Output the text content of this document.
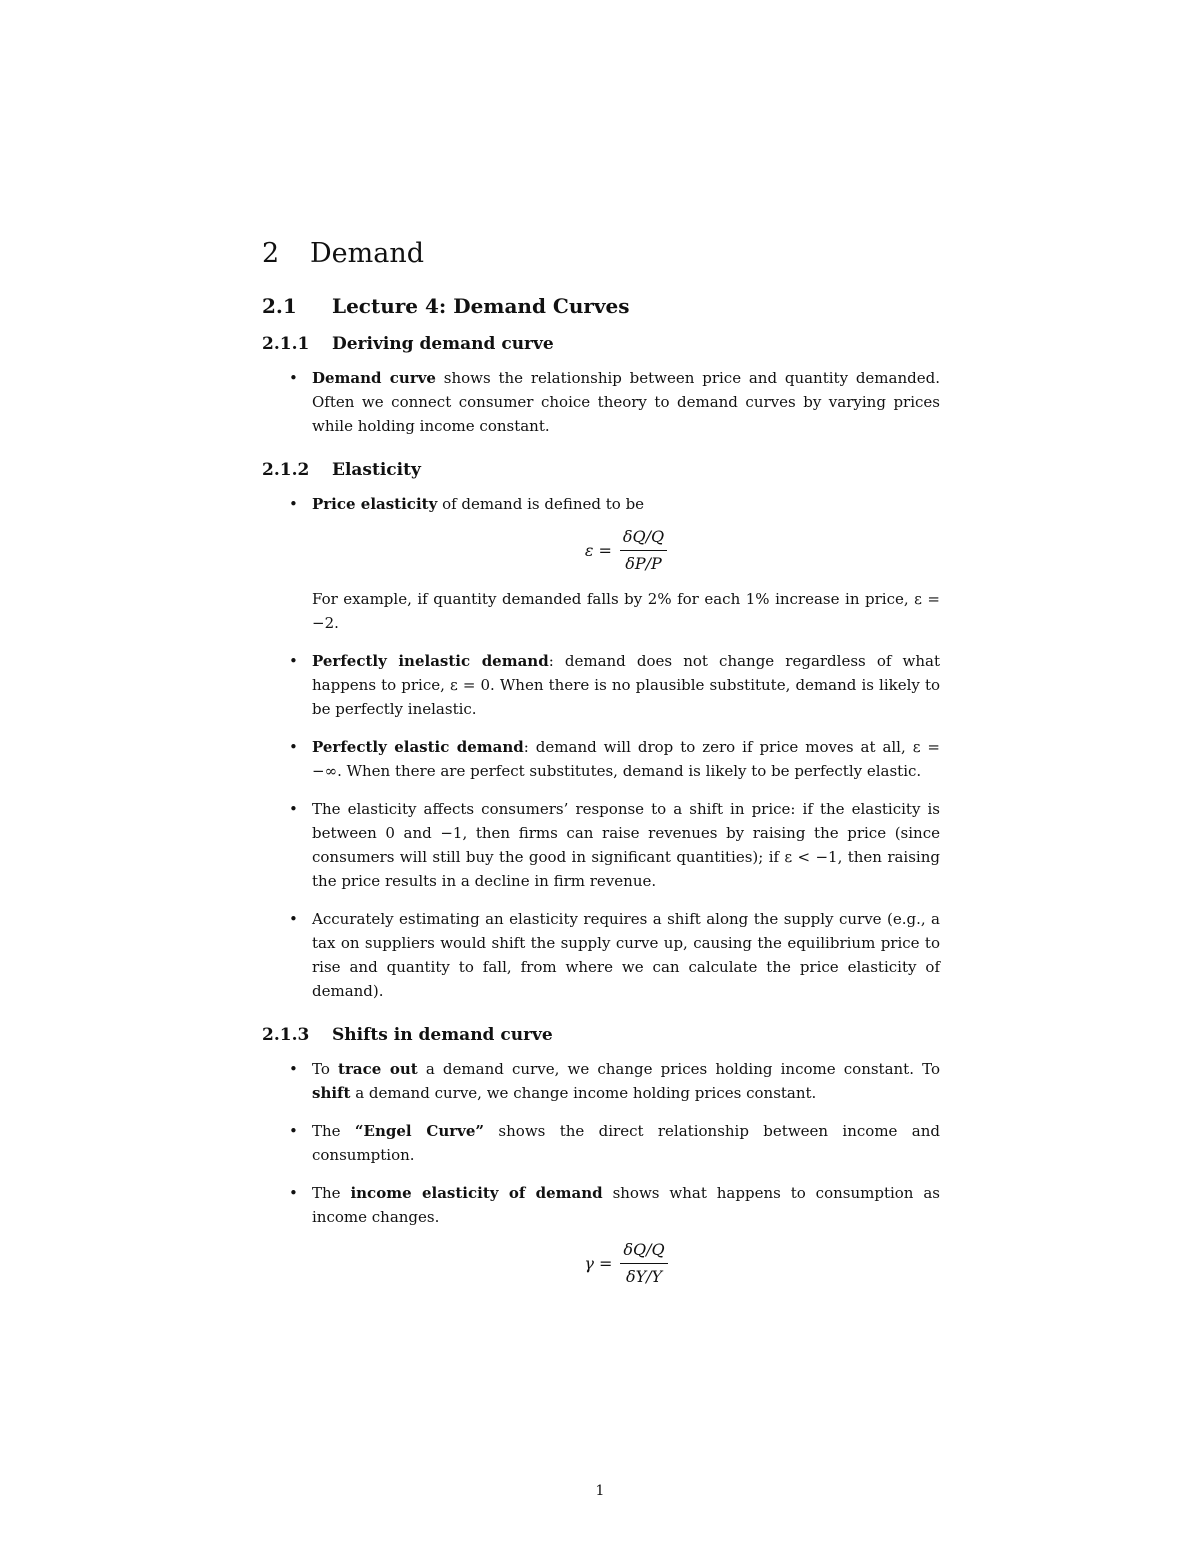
2 Demand
2.1 Lecture 4: Demand Curves
2.1.1 Deriving demand curve
• Demand curve shows the relationship between price and quantity demanded. Often we connect consumer choice theory to demand curves by varying prices while holding income constant.
2.1.2 Elasticity
• Price elasticity of demand is defined to be
$\varepsilon = \frac{\delta Q/Q}{\delta P/P}$
For example, if quantity demanded falls by 2% for each 1% increase in price, ε = −2.
• Perfectly inelastic demand: demand does not change regardless of what happens to price, ε = 0. When there is no plausible substitute, demand is likely to be perfectly inelastic.
• Perfectly elastic demand: demand will drop to zero if price moves at all, ε = −∞. When there are perfect substitutes, demand is likely to be perfectly elastic.
• The elasticity affects consumers’ response to a shift in price: if the elasticity is between 0 and −1, then firms can raise revenues by raising the price (since consumers will still buy the good in significant quantities); if ε < −1, then raising the price results in a decline in firm revenue.
• Accurately estimating an elasticity requires a shift along the supply curve (e.g., a tax on suppliers would shift the supply curve up, causing the equilibrium price to rise and quantity to fall, from where we can calculate the price elasticity of demand).
2.1.3 Shifts in demand curve
• To trace out a demand curve, we change prices holding income constant. To shift a demand curve, we change income holding prices constant.
• The “Engel Curve” shows the direct relationship between income and consumption.
• The income elasticity of demand shows what happens to consumption as income changes.
$\gamma = \frac{\delta Q/Q}{\delta Y/Y}$
1
